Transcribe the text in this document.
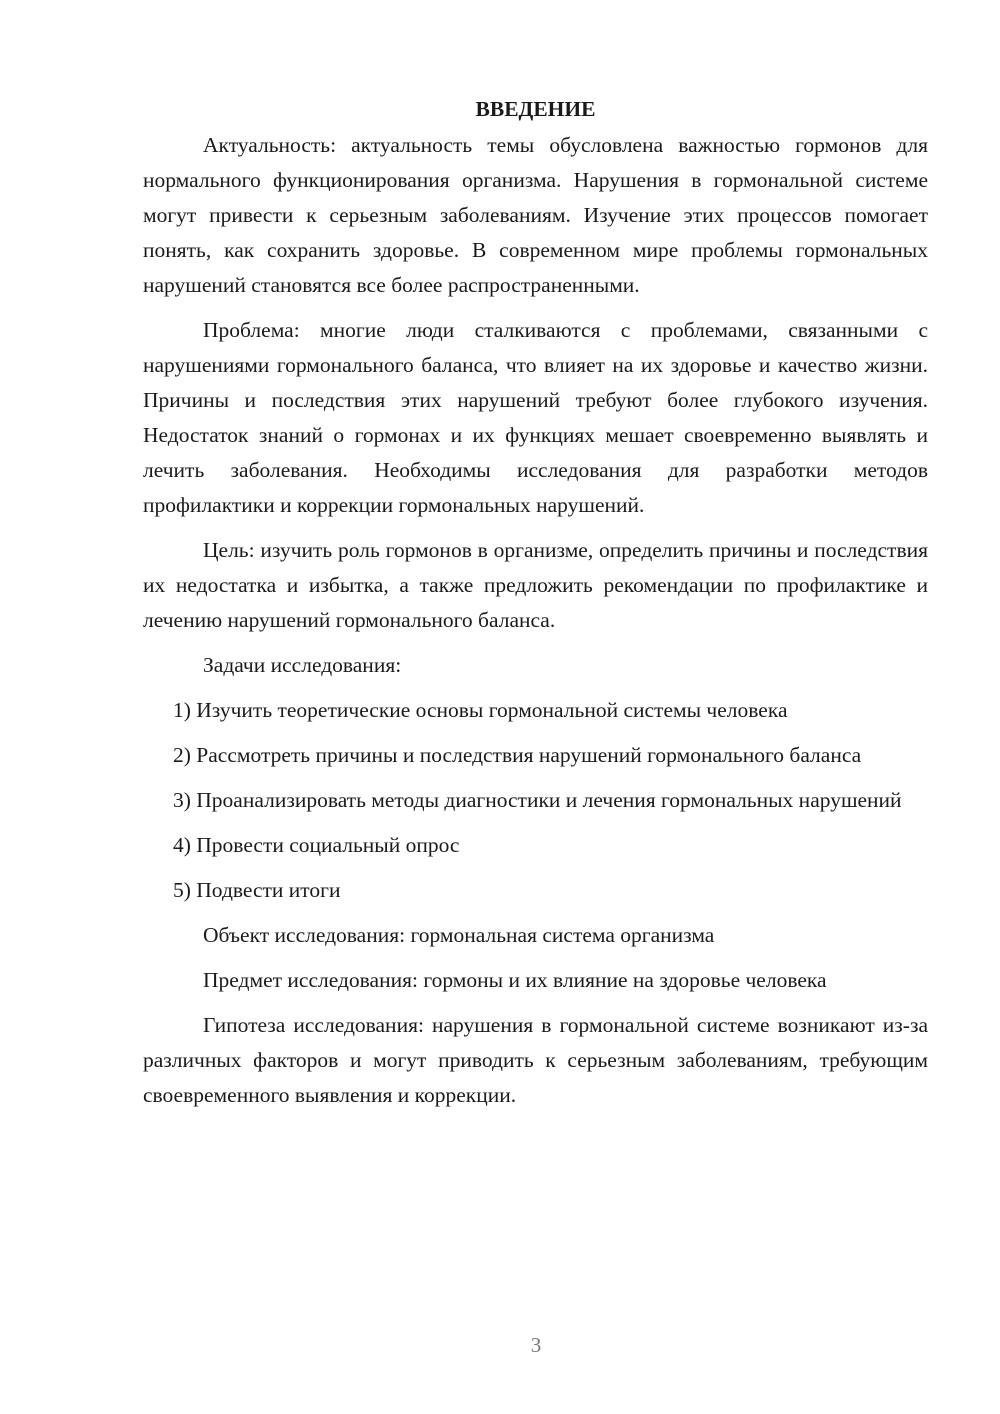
ВВЕДЕНИЕ

Актуальность: актуальность темы обусловлена важностью гормонов для нормального функционирования организма. Нарушения в гормональной системе могут привести к серьезным заболеваниям. Изучение этих процессов помогает понять, как сохранить здоровье. В современном мире проблемы гормональных нарушений становятся все более распространенными.

Проблема: многие люди сталкиваются с проблемами, связанными с нарушениями гормонального баланса, что влияет на их здоровье и качество жизни. Причины и последствия этих нарушений требуют более глубокого изучения. Недостаток знаний о гормонах и их функциях мешает своевременно выявлять и лечить заболевания. Необходимы исследования для разработки методов профилактики и коррекции гормональных нарушений.

Цель: изучить роль гормонов в организме, определить причины и последствия их недостатка и избытка, а также предложить рекомендации по профилактике и лечению нарушений гормонального баланса.

Задачи исследования:

1) Изучить теоретические основы гормональной системы человека

2) Рассмотреть причины и последствия нарушений гормонального баланса

3) Проанализировать методы диагностики и лечения гормональных нарушений

4) Провести социальный опрос

5) Подвести итоги

Объект исследования: гормональная система организма

Предмет исследования: гормоны и их влияние на здоровье человека

Гипотеза исследования: нарушения в гормональной системе возникают из-за различных факторов и могут приводить к серьезным заболеваниям, требующим своевременного выявления и коррекции.

3
